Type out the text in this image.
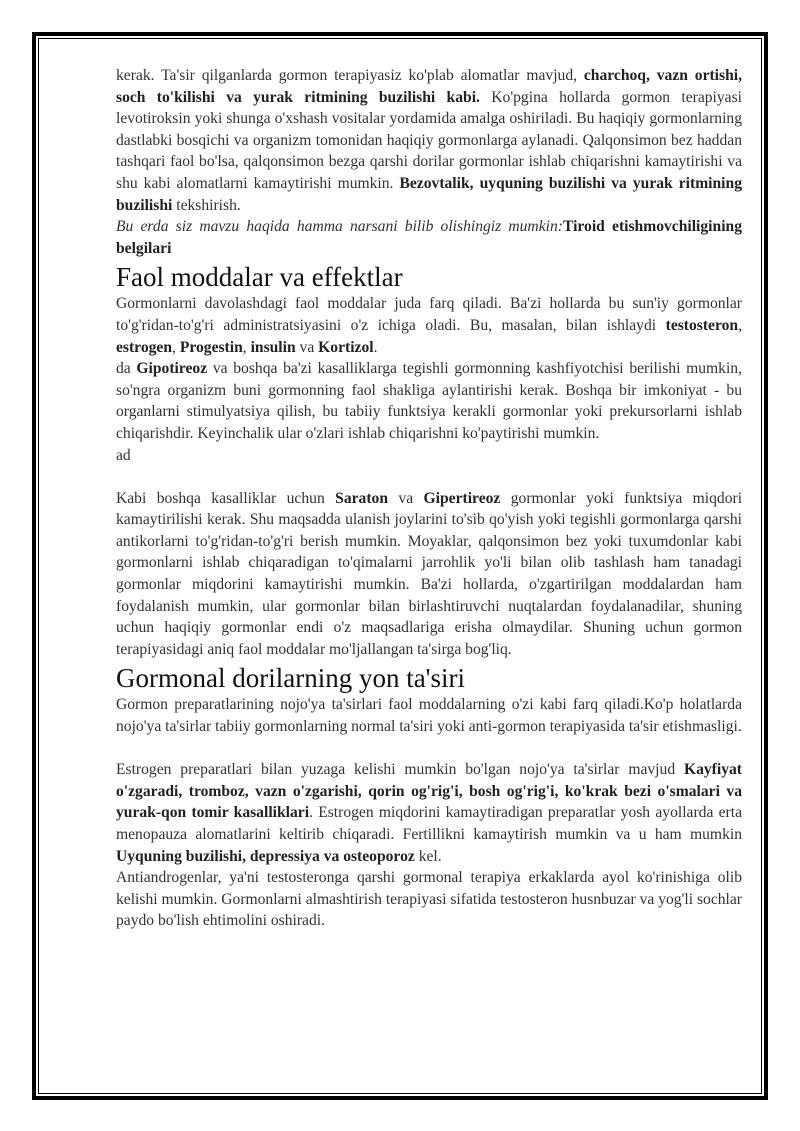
kerak. Ta'sir qilganlarda gormon terapiyasiz ko'plab alomatlar mavjud, charchoq, vazn ortishi, soch to'kilishi va yurak ritmining buzilishi kabi. Ko'pgina hollarda gormon terapiyasi levotiroksin yoki shunga o'xshash vositalar yordamida amalga oshiriladi. Bu haqiqiy gormonlarning dastlabki bosqichi va organizm tomonidan haqiqiy gormonlarga aylanadi. Qalqonsimon bez haddan tashqari faol bo'lsa, qalqonsimon bezga qarshi dorilar gormonlar ishlab chiqarishni kamaytirishi va shu kabi alomatlarni kamaytirishi mumkin. Bezovtalik, uyquning buzilishi va yurak ritmining buzilishi tekshirish.

Bu erda siz mavzu haqida hamma narsani bilib olishingiz mumkin:Tiroid etishmovchiligining belgilari

Faol moddalar va effektlar

Gormonlarni davolashdagi faol moddalar juda farq qiladi. Ba'zi hollarda bu sun'iy gormonlar to'g'ridan-to'g'ri administratsiyasini o'z ichiga oladi. Bu, masalan, bilan ishlaydi testosteron, estrogen, Progestin, insulin va Kortizol.

da Gipotireoz va boshqa ba'zi kasalliklarga tegishli gormonning kashfiyotchisi berilishi mumkin, so'ngra organizm buni gormonning faol shakliga aylantirishi kerak. Boshqa bir imkoniyat - bu organlarni stimulyatsiya qilish, bu tabiiy funktsiya kerakli gormonlar yoki prekursorlarni ishlab chiqarishdir. Keyinchalik ular o'zlari ishlab chiqarishni ko'paytirishi mumkin.

ad

Kabi boshqa kasalliklar uchun Saraton va Gipertireoz gormonlar yoki funktsiya miqdori kamaytirilishi kerak. Shu maqsadda ulanish joylarini to'sib qo'yish yoki tegishli gormonlarga qarshi antikorlarni to'g'ridan-to'g'ri berish mumkin. Moyaklar, qalqonsimon bez yoki tuxumdonlar kabi gormonlarni ishlab chiqaradigan to'qimalarni jarrohlik yo'li bilan olib tashlash ham tanadagi gormonlar miqdorini kamaytirishi mumkin. Ba'zi hollarda, o'zgartirilgan moddalardan ham foydalanish mumkin, ular gormonlar bilan birlashtiruvchi nuqtalardan foydalanadilar, shuning uchun haqiqiy gormonlar endi o'z maqsadlariga erisha olmaydilar. Shuning uchun gormon terapiyasidagi aniq faol moddalar mo'ljallangan ta'sirga bog'liq.

Gormonal dorilarning yon ta'siri

Gormon preparatlarining nojo'ya ta'sirlari faol moddalarning o'zi kabi farq qiladi.Ko'p holatlarda nojo'ya ta'sirlar tabiiy gormonlarning normal ta'siri yoki anti-gormon terapiyasida ta'sir etishmasligi.

Estrogen preparatlari bilan yuzaga kelishi mumkin bo'lgan nojo'ya ta'sirlar mavjud Kayfiyat o'zgaradi, tromboz, vazn o'zgarishi, qorin og'rig'i, bosh og'rig'i, ko'krak bezi o'smalari va yurak-qon tomir kasalliklari. Estrogen miqdorini kamaytiradigan preparatlar yosh ayollarda erta menopauza alomatlarini keltirib chiqaradi. Fertillikni kamaytirish mumkin va u ham mumkin Uyquning buzilishi, depressiya va osteoporoz kel.

Antiandrogenlar, ya'ni testosteronga qarshi gormonal terapiya erkaklarda ayol ko'rinishiga olib kelishi mumkin. Gormonlarni almashtirish terapiyasi sifatida testosteron husnbuzar va yog'li sochlar paydo bo'lish ehtimolini oshiradi.
